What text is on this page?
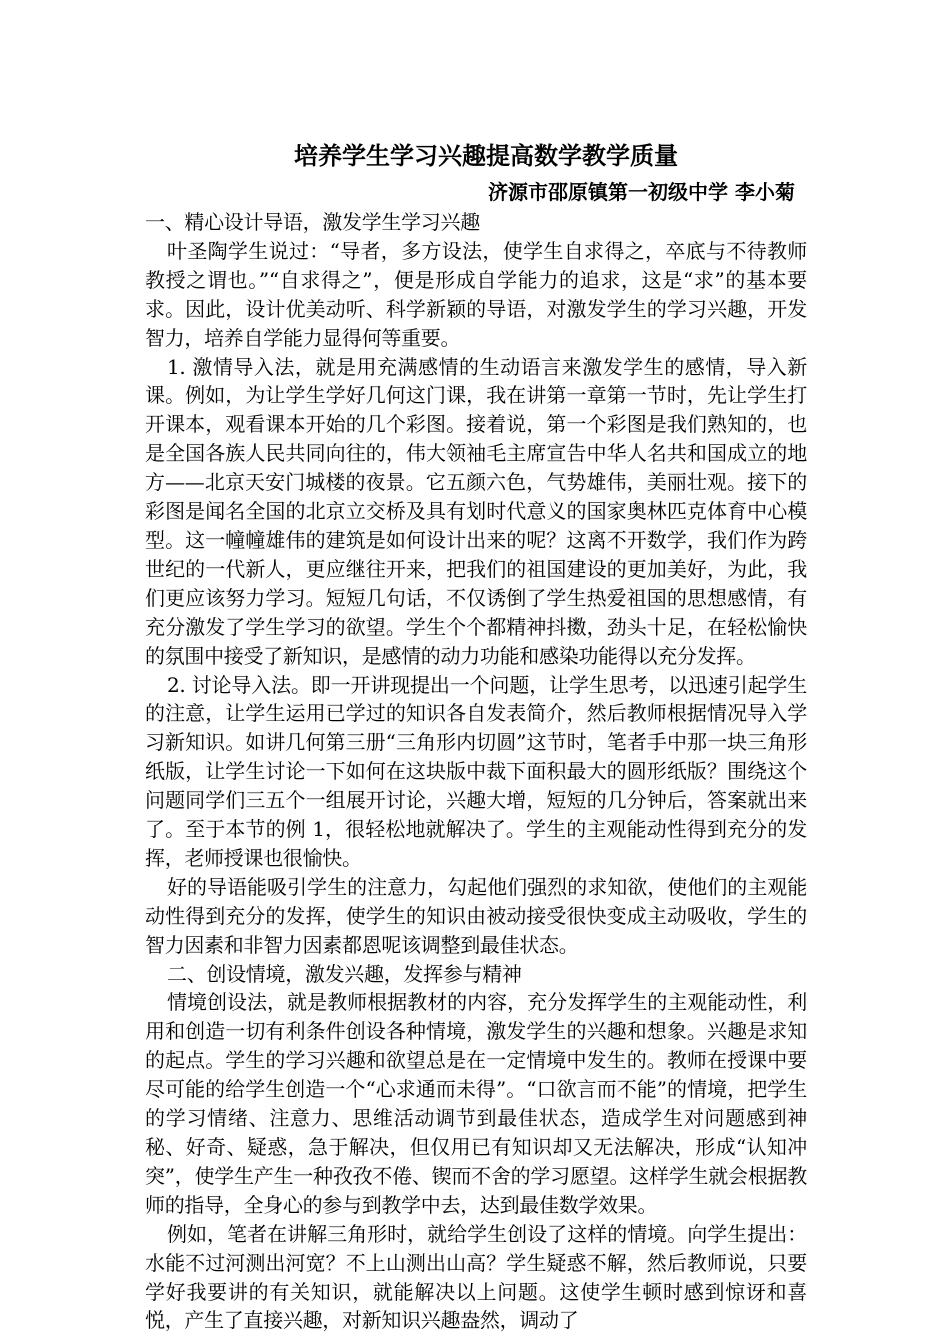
培养学生学习兴趣提高数学教学质量

济源市邵原镇第一初级中学 李小菊

一、精心设计导语，激发学生学习兴趣

叶圣陶学生说过：“导者，多方设法，使学生自求得之，卒底与不待教师教授之谓也。”“自求得之”，便是形成自学能力的追求，这是“求”的基本要求。因此，设计优美动听、科学新颖的导语，对激发学生的学习兴趣，开发智力，培养自学能力显得何等重要。

1. 激情导入法，就是用充满感情的生动语言来激发学生的感情，导入新课。例如，为让学生学好几何这门课，我在讲第一章第一节时，先让学生打开课本，观看课本开始的几个彩图。接着说，第一个彩图是我们熟知的，也是全国各族人民共同向往的，伟大领袖毛主席宣告中华人名共和国成立的地方——北京天安门城楼的夜景。它五颜六色，气势雄伟，美丽壮观。接下的彩图是闻名全国的北京立交桥及具有划时代意义的国家奥林匹克体育中心模型。这一幢幢雄伟的建筑是如何设计出来的呢？这离不开数学，我们作为跨世纪的一代新人，更应继往开来，把我们的祖国建设的更加美好，为此，我们更应该努力学习。短短几句话，不仅诱倒了学生热爱祖国的思想感情，有充分激发了学生学习的欲望。学生个个都精神抖擞，劲头十足，在轻松愉快的氛围中接受了新知识，是感情的动力功能和感染功能得以充分发挥。

2. 讨论导入法。即一开讲现提出一个问题，让学生思考，以迅速引起学生的注意，让学生运用已学过的知识各自发表简介，然后教师根据情况导入学习新知识。如讲几何第三册“三角形内切圆”这节时，笔者手中那一块三角形纸版，让学生讨论一下如何在这块版中裁下面积最大的圆形纸版？围绕这个问题同学们三五个一组展开讨论，兴趣大增，短短的几分钟后，答案就出来了。至于本节的例 1，很轻松地就解决了。学生的主观能动性得到充分的发挥，老师授课也很愉快。

好的导语能吸引学生的注意力，勾起他们强烈的求知欲，使他们的主观能动性得到充分的发挥，使学生的知识由被动接受很快变成主动吸收，学生的智力因素和非智力因素都恩呢该调整到最佳状态。

二、创设情境，激发兴趣，发挥参与精神

情境创设法，就是教师根据教材的内容，充分发挥学生的主观能动性，利用和创造一切有利条件创设各种情境，激发学生的兴趣和想象。兴趣是求知的起点。学生的学习兴趣和欲望总是在一定情境中发生的。教师在授课中要尽可能的给学生创造一个“心求通而未得”。“口欲言而不能”的情境，把学生的学习情绪、注意力、思维活动调节到最佳状态，造成学生对问题感到神秘、好奇、疑惑，急于解决，但仅用已有知识却又无法解决，形成“认知冲突”，使学生产生一种孜孜不倦、锲而不舍的学习愿望。这样学生就会根据教师的指导，全身心的参与到教学中去，达到最佳数学效果。

例如，笔者在讲解三角形时，就给学生创设了这样的情境。向学生提出：水能不过河测出河宽？不上山测出山高？学生疑惑不解，然后教师说，只要学好我要讲的有关知识，就能解决以上问题。这使学生顿时感到惊讶和喜悦，产生了直接兴趣，对新知识兴趣盎然，调动了
